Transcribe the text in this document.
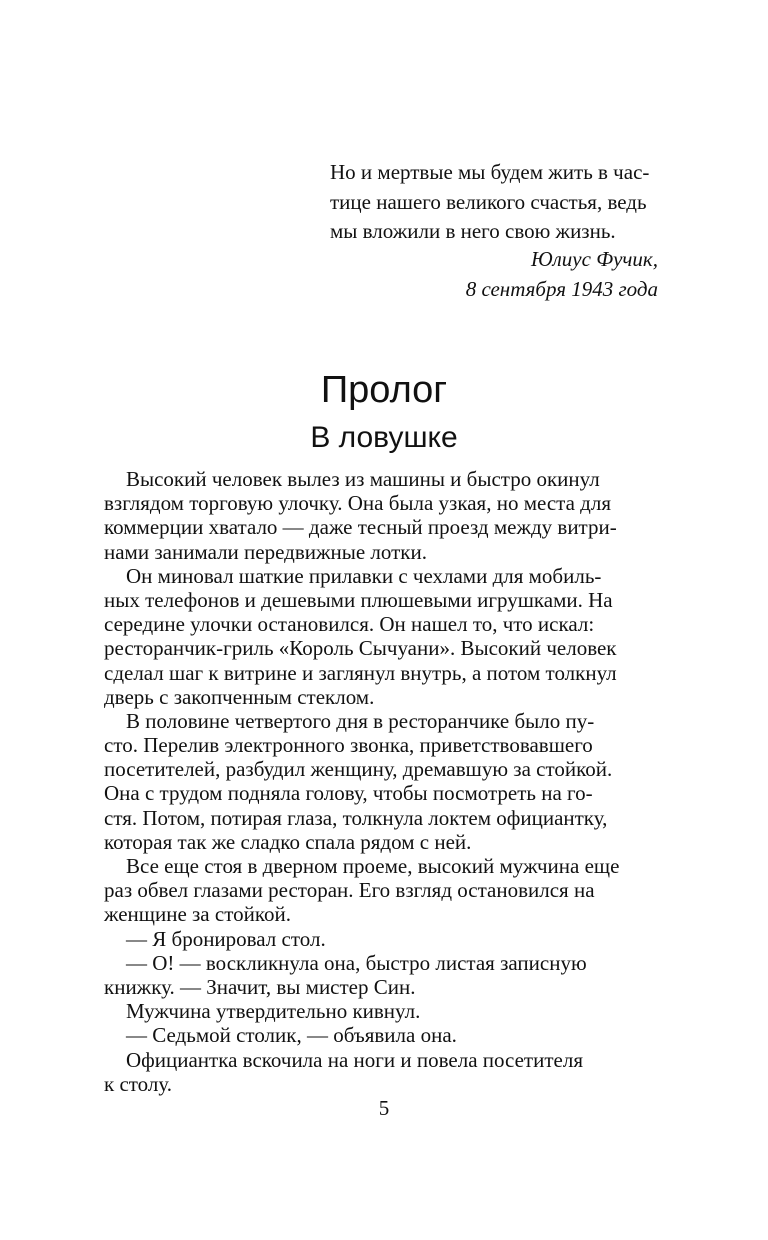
Но и мертвые мы будем жить в час-
тице нашего великого счастья, ведь
мы вложили в него свою жизнь.
Юлиус Фучик,
8 сентября 1943 года
Пролог
В ловушке
Высокий человек вылез из машины и быстро окинул
взглядом торговую улочку. Она была узкая, но места для
коммерции хватало — даже тесный проезд между витри-
нами занимали передвижные лотки.
Он миновал шаткие прилавки с чехлами для мобиль-
ных телефонов и дешевыми плюшевыми игрушками. На
середине улочки остановился. Он нашел то, что искал:
ресторанчик-гриль «Король Сычуани». Высокий человек
сделал шаг к витрине и заглянул внутрь, а потом толкнул
дверь с закопченным стеклом.
В половине четвертого дня в ресторанчике было пу-
сто. Перелив электронного звонка, приветствовавшего
посетителей, разбудил женщину, дремавшую за стойкой.
Она с трудом подняла голову, чтобы посмотреть на го-
стя. Потом, потирая глаза, толкнула локтем официантку,
которая так же сладко спала рядом с ней.
Все еще стоя в дверном проеме, высокий мужчина еще
раз обвел глазами ресторан. Его взгляд остановился на
женщине за стойкой.
— Я бронировал стол.
— О! — воскликнула она, быстро листая записную
книжку. — Значит, вы мистер Син.
Мужчина утвердительно кивнул.
— Седьмой столик, — объявила она.
Официантка вскочила на ноги и повела посетителя
к столу.
5
